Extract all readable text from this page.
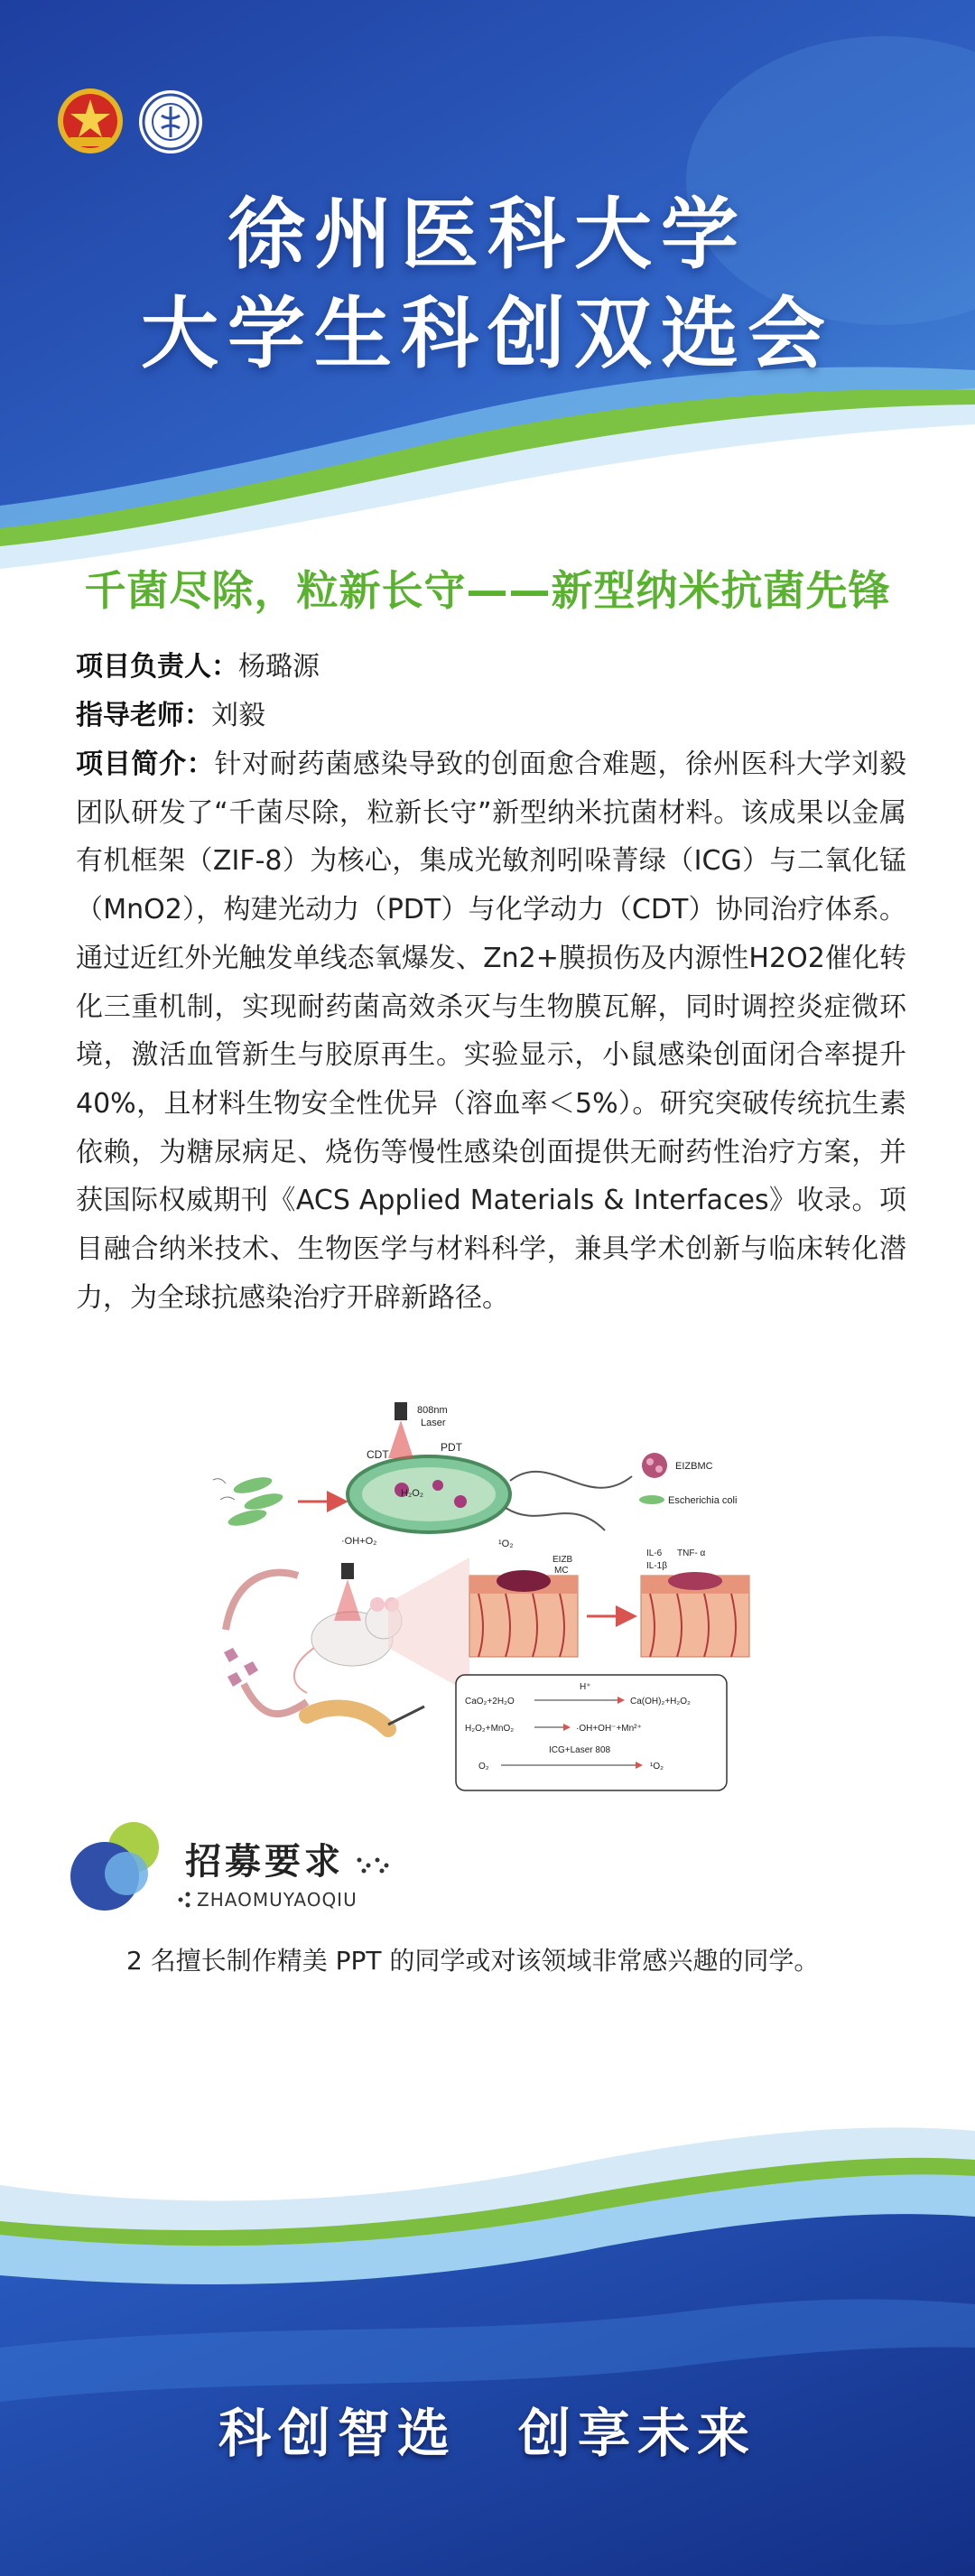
徐州医科大学
大学生科创双选会
千菌尽除，粒新长守——新型纳米抗菌先锋
项目负责人：杨璐源
指导老师：刘毅
项目简介：针对耐药菌感染导致的创面愈合难题，徐州医科大学刘毅团队研发了“千菌尽除，粒新长守”新型纳米抗菌材料。该成果以金属有机框架（ZIF-8）为核心，集成光敏剂吲哚菁绿（ICG）与二氧化锰（MnO2），构建光动力（PDT）与化学动力（CDT）协同治疗体系。通过近红外光触发单线态氧爆发、Zn2+膜损伤及内源性H2O2催化转化三重机制，实现耐药菌高效杀灭与生物膜瓦解，同时调控炎症微环境，激活血管新生与胶原再生。实验显示，小鼠感染创面闭合率提升40%，且材料生物安全性优异（溶血率＜5%）。研究突破传统抗生素依赖，为糖尿病足、烧伤等慢性感染创面提供无耐药性治疗方案，并获国际权威期刊《ACS Applied Materials & Interfaces》收录。项目融合纳米技术、生物医学与材料科学，兼具学术创新与临床转化潜力，为全球抗感染治疗开辟新路径。
808nm
Laser
CDT
PDT
H₂O₂
·OH+O₂	¹O₂
EIZBMC
Escherichia coli
EIZB
MC
IL-6 TNF- α
IL-1β
H⁺
CaO₂+2H₂O	Ca(OH)₂+H₂O₂
H₂O₂+MnO₂	·OH+OH⁻+Mn²⁺
ICG+Laser 808
O₂	¹O₂
招募要求
ZHAOMUYAOQIU
2 名擅长制作精美 PPT 的同学或对该领域非常感兴趣的同学。
科创智选 创享未来
